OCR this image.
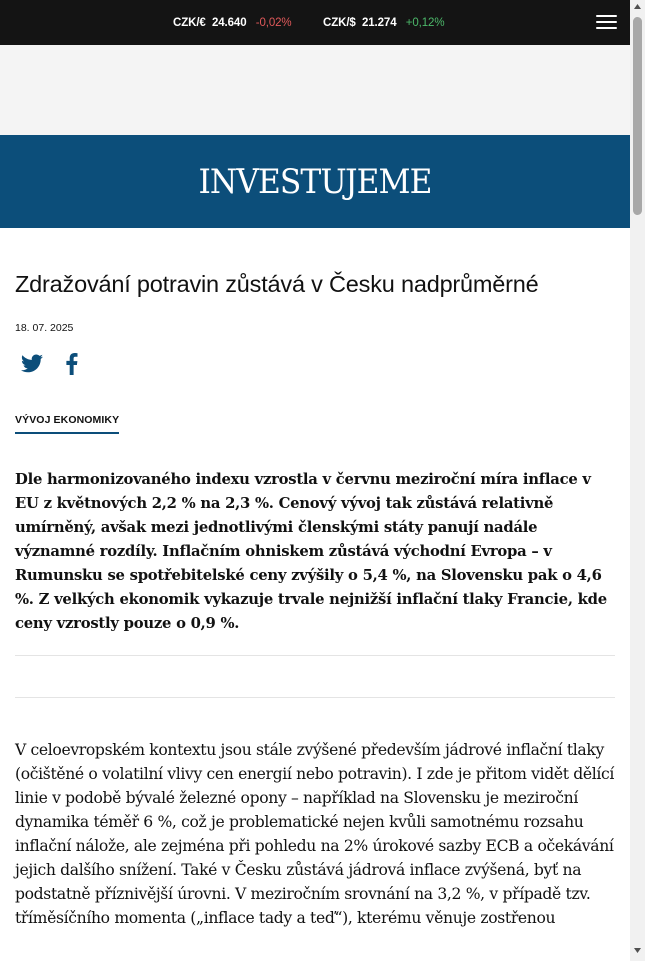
CZK/€ 24.640 -0,02%	CZK/$ 21.274 +0,12%
INVESTUJEME
Zdražování potravin zůstává v Česku nadprůměrné
18. 07. 2025
VÝVOJ EKONOMIKY

Dle harmonizovaného indexu vzrostla v červnu meziroční míra inflace v EU z květnových 2,2 % na 2,3 %. Cenový vývoj tak zůstává relativně umírněný, avšak mezi jednotlivými členskými státy panují nadále významné rozdíly. Inflačním ohniskem zůstává východní Evropa – v Rumunsku se spotřebitelské ceny zvýšily o 5,4 %, na Slovensku pak o 4,6 %. Z velkých ekonomik vykazuje trvale nejnižší inflační tlaky Francie, kde ceny vzrostly pouze o 0,9 %.

V celoevropském kontextu jsou stále zvýšené především jádrové inflační tlaky (očištěné o volatilní vlivy cen energií nebo potravin). I zde je přitom vidět dělící linie v podobě bývalé železné opony – například na Slovensku je meziroční dynamika téměř 6 %, což je problematické nejen kvůli samotnému rozsahu inflační nálože, ale zejména při pohledu na 2% úrokové sazby ECB a očekávání jejich dalšího snížení. Také v Česku zůstává jádrová inflace zvýšená, byť na podstatně příznivější úrovni. V meziročním srovnání na 3,2 %, v případě tzv. tříměsíčního momenta („inflace tady a teď“), kterému věnuje zostřenou
